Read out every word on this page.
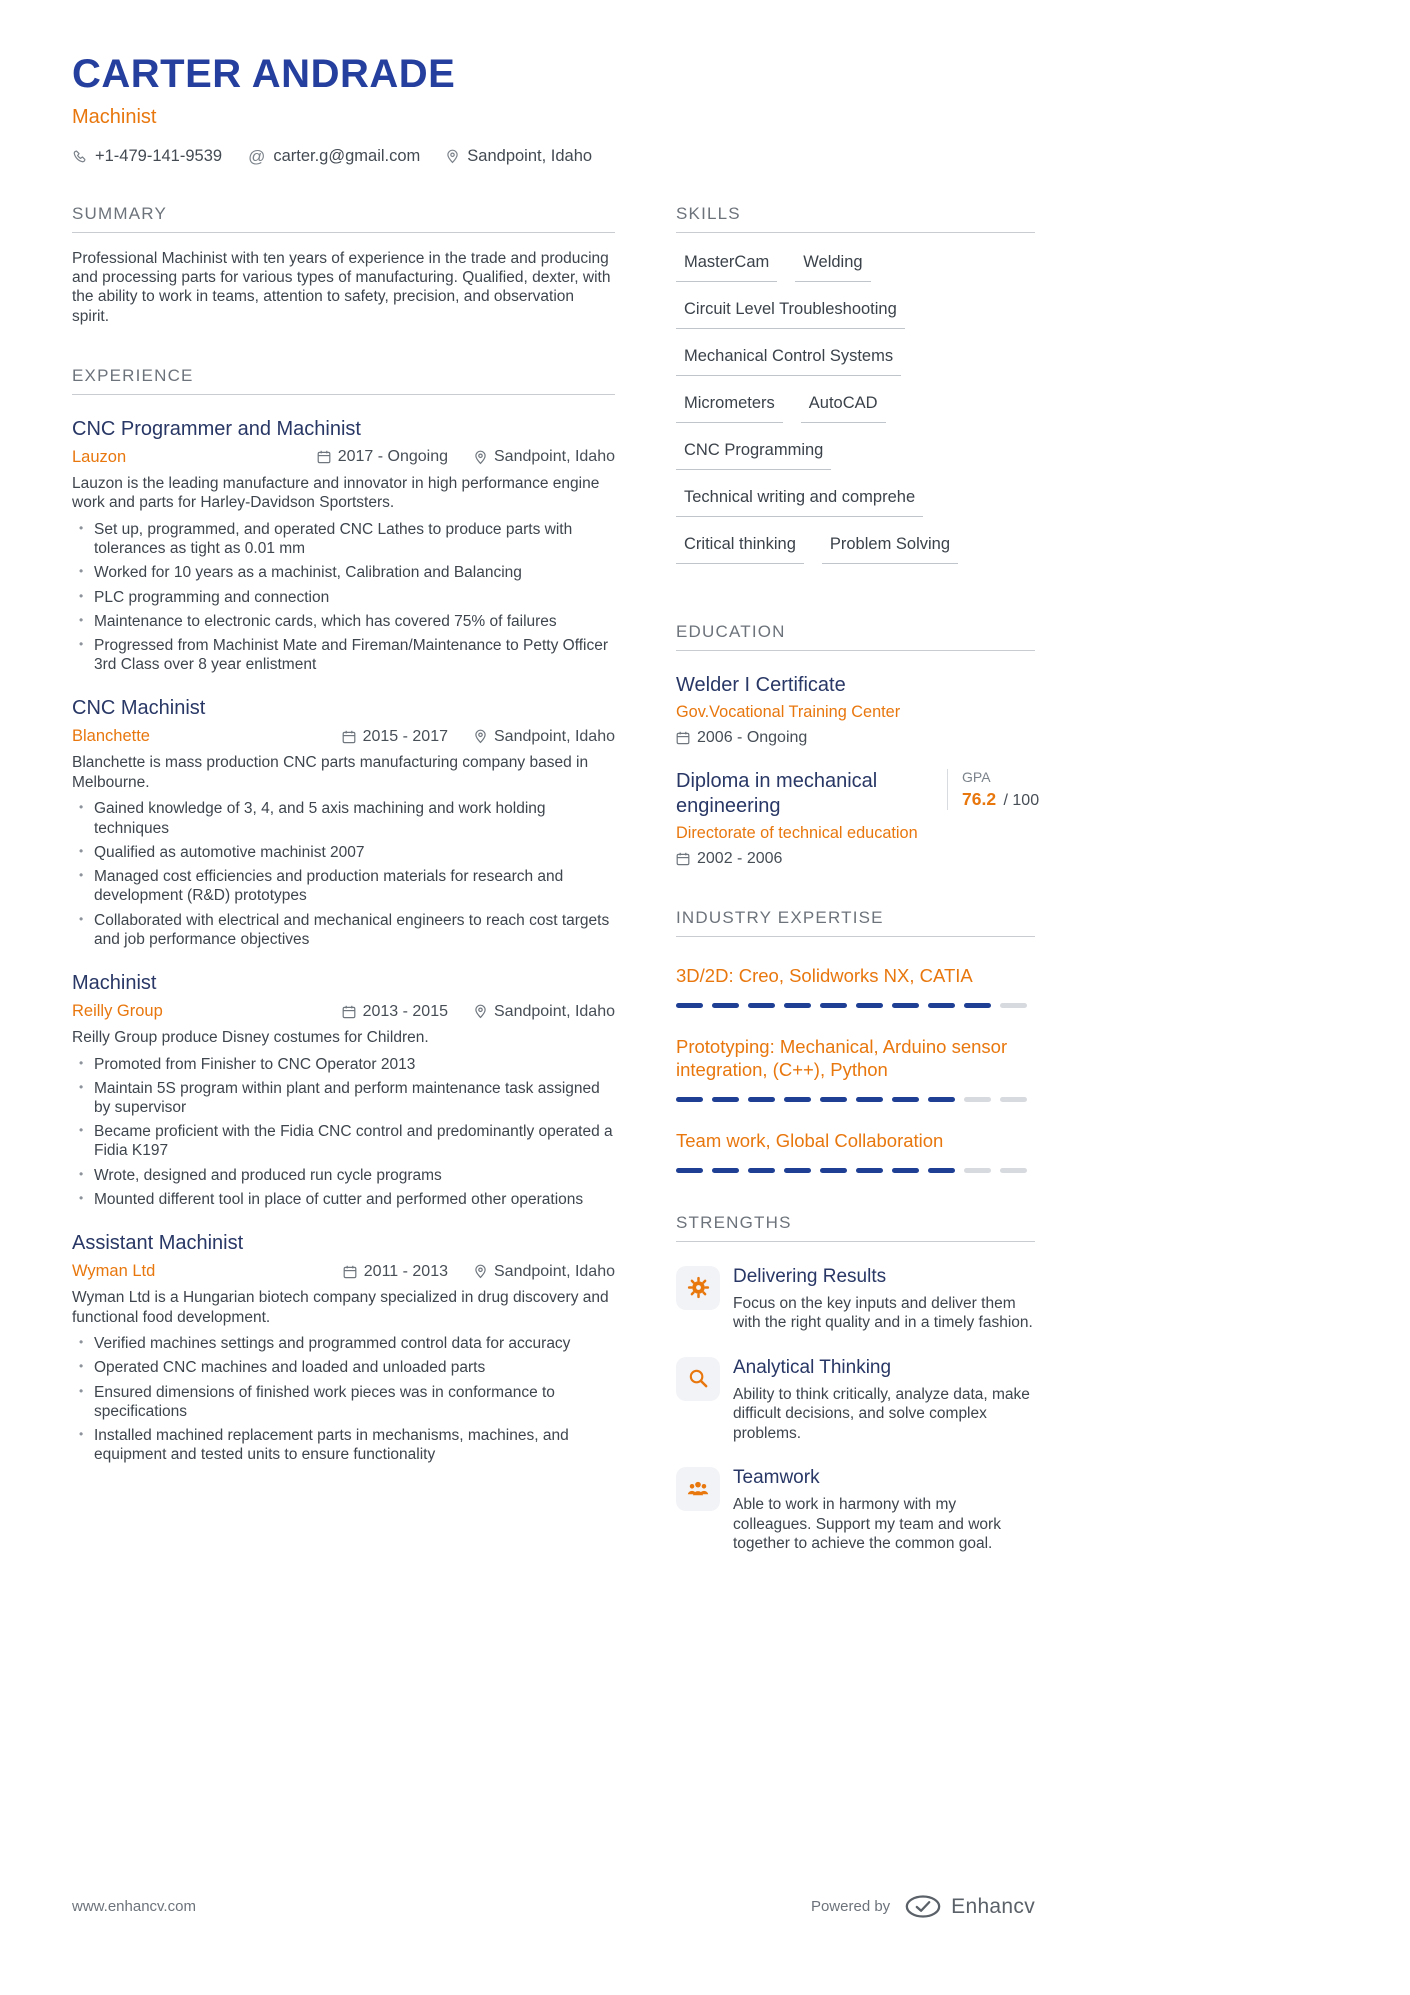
CARTER ANDRADE
Machinist
+1-479-141-9539 @ carter.g@gmail.com	Sandpoint, Idaho
SUMMARY

Professional Machinist with ten years of experience in the trade and producing and processing parts for various types of manufacturing. Qualified, dexter, with the ability to work in teams, attention to safety, precision, and observation spirit.

EXPERIENCE
CNC Programmer and Machinist
Lauzon	2017 - Ongoing	Sandpoint, Idaho

Lauzon is the leading manufacture and innovator in high performance engine work and parts for Harley-Davidson Sportsters.

• Set up, programmed, and operated CNC Lathes to produce parts with tolerances as tight as 0.01 mm
• Worked for 10 years as a machinist, Calibration and Balancing
• PLC programming and connection
• Maintenance to electronic cards, which has covered 75% of failures
• Progressed from Machinist Mate and Fireman/Maintenance to Petty Officer 3rd Class over 8 year enlistment
CNC Machinist
Blanchette	2015 - 2017	Sandpoint, Idaho

Blanchette is mass production CNC parts manufacturing company based in Melbourne.

• Gained knowledge of 3, 4, and 5 axis machining and work holding techniques
• Qualified as automotive machinist 2007
• Managed cost efficiencies and production materials for research and development (R&D) prototypes
• Collaborated with electrical and mechanical engineers to reach cost targets and job performance objectives
Machinist
Reilly Group	2013 - 2015	Sandpoint, Idaho

Reilly Group produce Disney costumes for Children.

• Promoted from Finisher to CNC Operator 2013
• Maintain 5S program within plant and perform maintenance task assigned by supervisor
• Became proficient with the Fidia CNC control and predominantly operated a Fidia K197
• Wrote, designed and produced run cycle programs
• Mounted different tool in place of cutter and performed other operations
Assistant Machinist
Wyman Ltd	2011 - 2013	Sandpoint, Idaho

Wyman Ltd is a Hungarian biotech company specialized in drug discovery and functional food development.

• Verified machines settings and programmed control data for accuracy
• Operated CNC machines and loaded and unloaded parts
• Ensured dimensions of finished work pieces was in conformance to specifications
• Installed machined replacement parts in mechanisms, machines, and equipment and tested units to ensure functionality
SKILLS
MasterCam	Welding
Circuit Level Troubleshooting
Mechanical Control Systems
Micrometers	AutoCAD
CNC Programming
Technical writing and comprehe
Critical thinking	Problem Solving
EDUCATION
Welder I Certificate
Gov.Vocational Training Center
2006 - Ongoing
Diploma in mechanical engineering
Directorate of technical education
2002 - 2006
GPA
76.2 / 100
INDUSTRY EXPERTISE
3D/2D: Creo, Solidworks NX, CATIA
Prototyping: Mechanical, Arduino sensor integration, (C++), Python
Team work, Global Collaboration
STRENGTHS
Delivering Results

Focus on the key inputs and deliver them with the right quality and in a timely fashion.

Analytical Thinking

Ability to think critically, analyze data, make difficult decisions, and solve complex problems.

Teamwork

Able to work in harmony with my colleagues. Support my team and work together to achieve the common goal.

www.enhancv.com	Powered by	Enhancv
